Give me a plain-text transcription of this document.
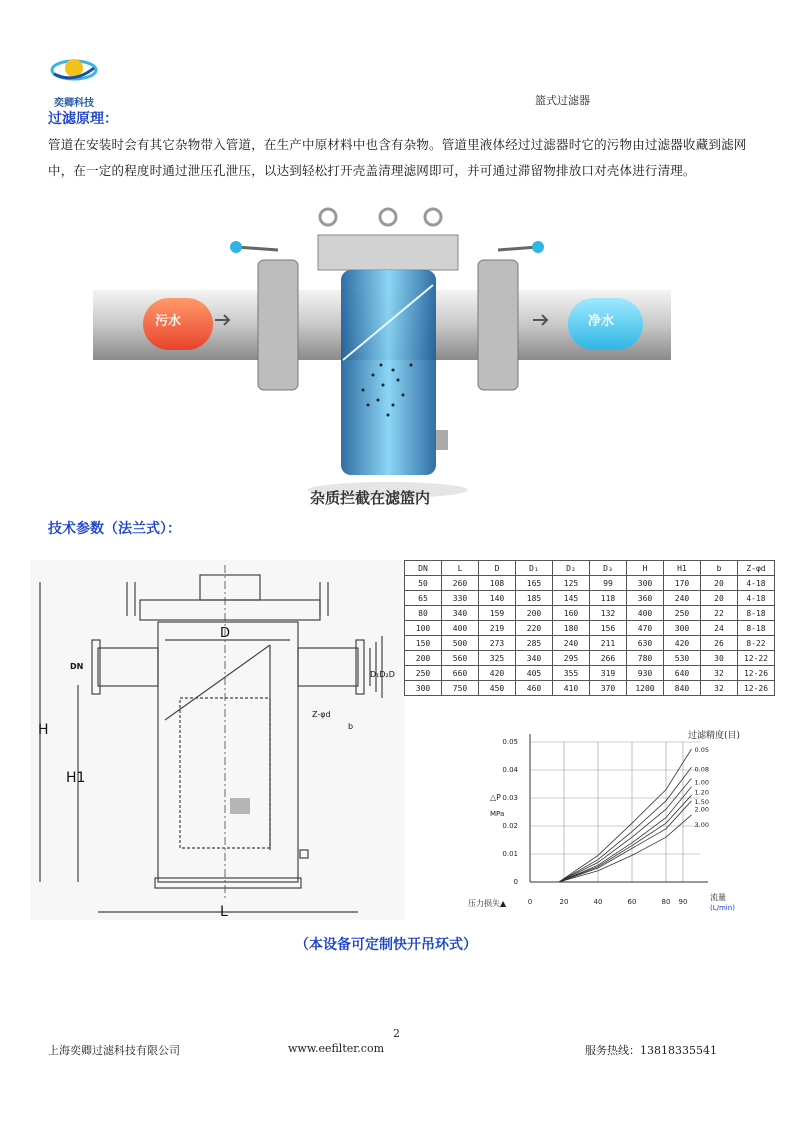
奕卿科技	篮式过滤器
过滤原理：
管道在安装时会有其它杂物带入管道，在生产中原材料中也含有杂物。管道里液体经过过滤器时它的污物由过滤器收藏到滤网中，在一定的程度时通过泄压孔泄压，以达到轻松打开壳盖清理滤网即可，并可通过滞留物排放口对壳体进行清理。
污水	净水
杂质拦截在滤篮内
技术参数（法兰式）：
D
H
H1
L
DN
D₁D₂D
Z-φd
b
DN	L	D	D₁	D₂	D₃	H	H1	b	Z-φd
50	260	108	165	125	99	300	170	20	4-18
65	330	140	185	145	118	360	240	20	4-18
80	340	159	200	160	132	400	250	22	8-18
100	400	219	220	180	156	470	300	24	8-18
150	500	273	285	240	211	630	420	26	8-22
200	560	325	340	295	266	780	530	30	12-22
250	660	420	405	355	319	930	640	32	12-26
300	750	450	460	410	370	1200	840	32	12-26
0	20	40	60	80 90
0
0.01
0.02
0.03
0.04
0.05
0.05
0.08
1.00
1.20
1.50
2.00
3.00
过滤精度(目)
△P
MPa
流量
(L/min)
压力损失▲
（本设备可定制快开吊环式）
2
上海奕卿过滤科技有限公司	www.eefilter.com	服务热线：13818335541
